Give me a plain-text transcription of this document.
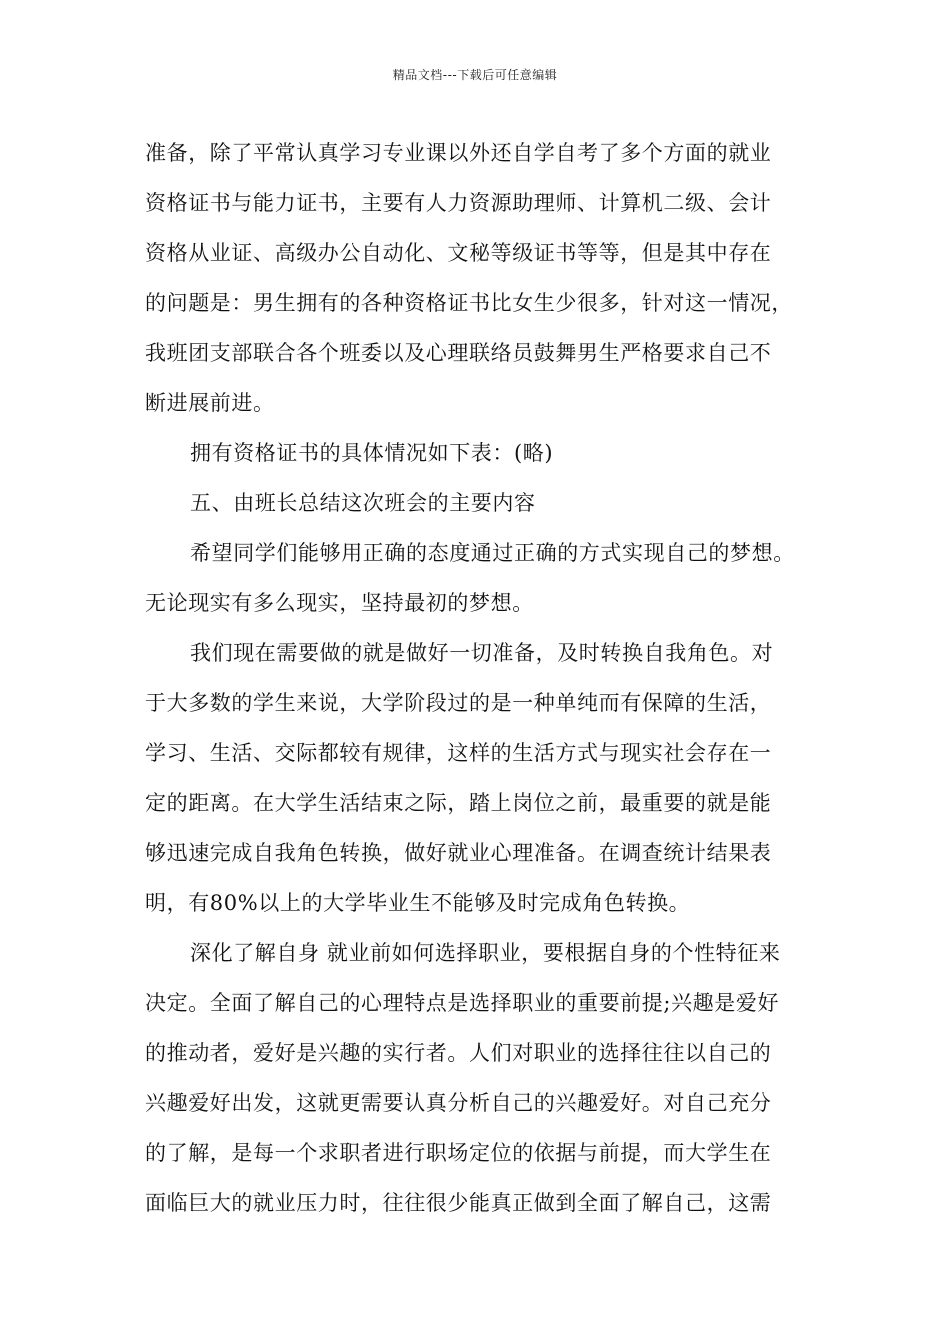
精品文档---下载后可任意编辑
准备，除了平常认真学习专业课以外还自学自考了多个方面的就业
资格证书与能力证书，主要有人力资源助理师、计算机二级、会计
资格从业证、高级办公自动化、文秘等级证书等等，但是其中存在
的问题是：男生拥有的各种资格证书比女生少很多，针对这一情况，
我班团支部联合各个班委以及心理联络员鼓舞男生严格要求自己不
断进展前进。
拥有资格证书的具体情况如下表：(略)
五、由班长总结这次班会的主要内容
希望同学们能够用正确的态度通过正确的方式实现自己的梦想。
无论现实有多么现实，坚持最初的梦想。
我们现在需要做的就是做好一切准备，及时转换自我角色。对
于大多数的学生来说，大学阶段过的是一种单纯而有保障的生活，
学习、生活、交际都较有规律，这样的生活方式与现实社会存在一
定的距离。在大学生活结束之际，踏上岗位之前，最重要的就是能
够迅速完成自我角色转换，做好就业心理准备。在调查统计结果表
明，有80%以上的大学毕业生不能够及时完成角色转换。
深化了解自身 就业前如何选择职业，要根据自身的个性特征来
决定。全面了解自己的心理特点是选择职业的重要前提;兴趣是爱好
的推动者，爱好是兴趣的实行者。人们对职业的选择往往以自己的
兴趣爱好出发，这就更需要认真分析自己的兴趣爱好。对自己充分
的了解，是每一个求职者进行职场定位的依据与前提，而大学生在
面临巨大的就业压力时，往往很少能真正做到全面了解自己，这需
